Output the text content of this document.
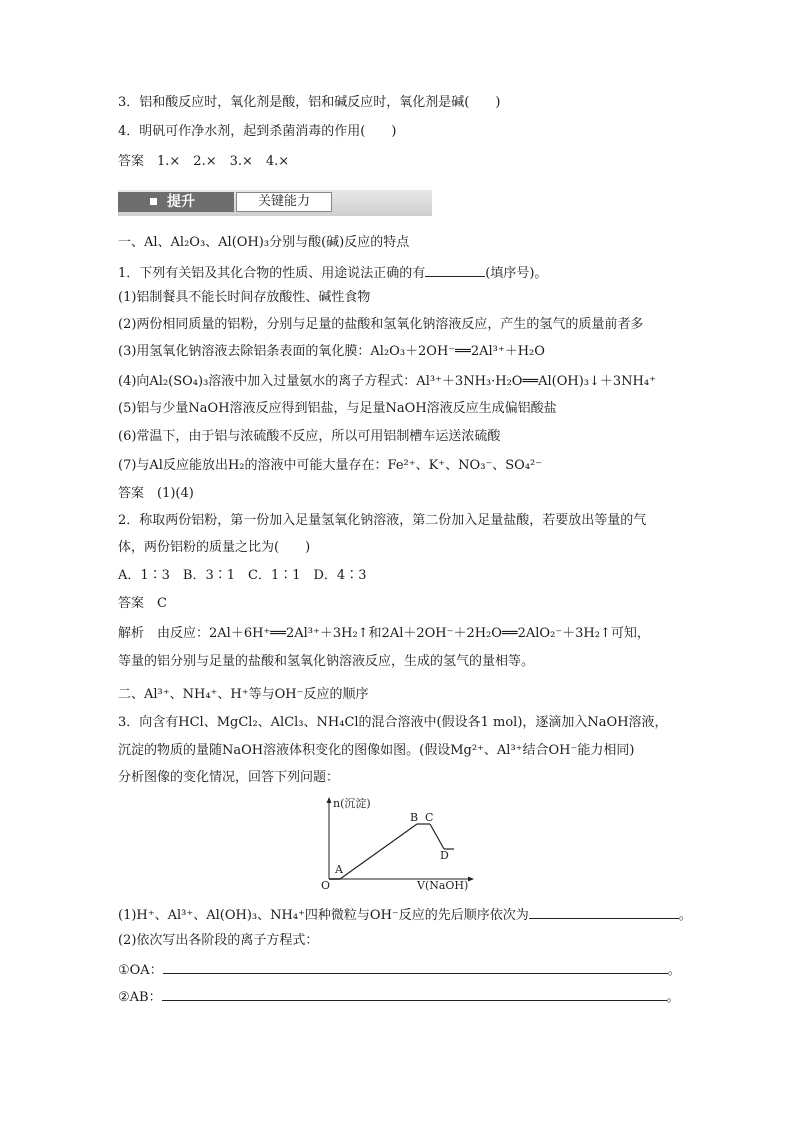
3．铝和酸反应时，氧化剂是酸，铝和碱反应时，氧化剂是碱(　　)
4．明矾可作净水剂，起到杀菌消毒的作用(　　)
答案　1.×　2.×　3.×　4.×
提升	关键能力
一、Al、Al₂O₃、Al(OH)₃分别与酸(碱)反应的特点
1．下列有关铝及其化合物的性质、用途说法正确的有	(填序号)。
(1)铝制餐具不能长时间存放酸性、碱性食物
(2)两份相同质量的铝粉，分别与足量的盐酸和氢氧化钠溶液反应，产生的氢气的质量前者多
(3)用氢氧化钠溶液去除铝条表面的氧化膜：Al₂O₃＋2OH⁻══2Al³⁺＋H₂O
(4)向Al₂(SO₄)₃溶液中加入过量氨水的离子方程式：Al³⁺＋3NH₃·H₂O══Al(OH)₃↓＋3NH₄⁺
(5)铝与少量NaOH溶液反应得到铝盐，与足量NaOH溶液反应生成偏铝酸盐
(6)常温下，由于铝与浓硫酸不反应，所以可用铝制槽车运送浓硫酸
(7)与Al反应能放出H₂的溶液中可能大量存在：Fe²⁺、K⁺、NO₃⁻、SO₄²⁻
答案　(1)(4)
2．称取两份铝粉，第一份加入足量氢氧化钠溶液，第二份加入足量盐酸，若要放出等量的气
体，两份铝粉的质量之比为(　　)
A．1∶3　B．3∶1　C．1∶1　D．4∶3
答案　C
解析　由反应：2Al＋6H⁺══2Al³⁺＋3H₂↑和2Al＋2OH⁻＋2H₂O══2AlO₂⁻＋3H₂↑可知，
等量的铝分别与足量的盐酸和氢氧化钠溶液反应，生成的氢气的量相等。
二、Al³⁺、NH₄⁺、H⁺等与OH⁻反应的顺序
3．向含有HCl、MgCl₂、AlCl₃、NH₄Cl的混合溶液中(假设各1 mol)，逐滴加入NaOH溶液，
沉淀的物质的量随NaOH溶液体积变化的图像如图。(假设Mg²⁺、Al³⁺结合OH⁻能力相同)
分析图像的变化情况，回答下列问题：
n(沉淀)
V(NaOH)
O
A
B C
D
(1)H⁺、Al³⁺、Al(OH)₃、NH₄⁺四种微粒与OH⁻反应的先后顺序依次为	。
(2)依次写出各阶段的离子方程式：
①OA：	。
②AB：	。
